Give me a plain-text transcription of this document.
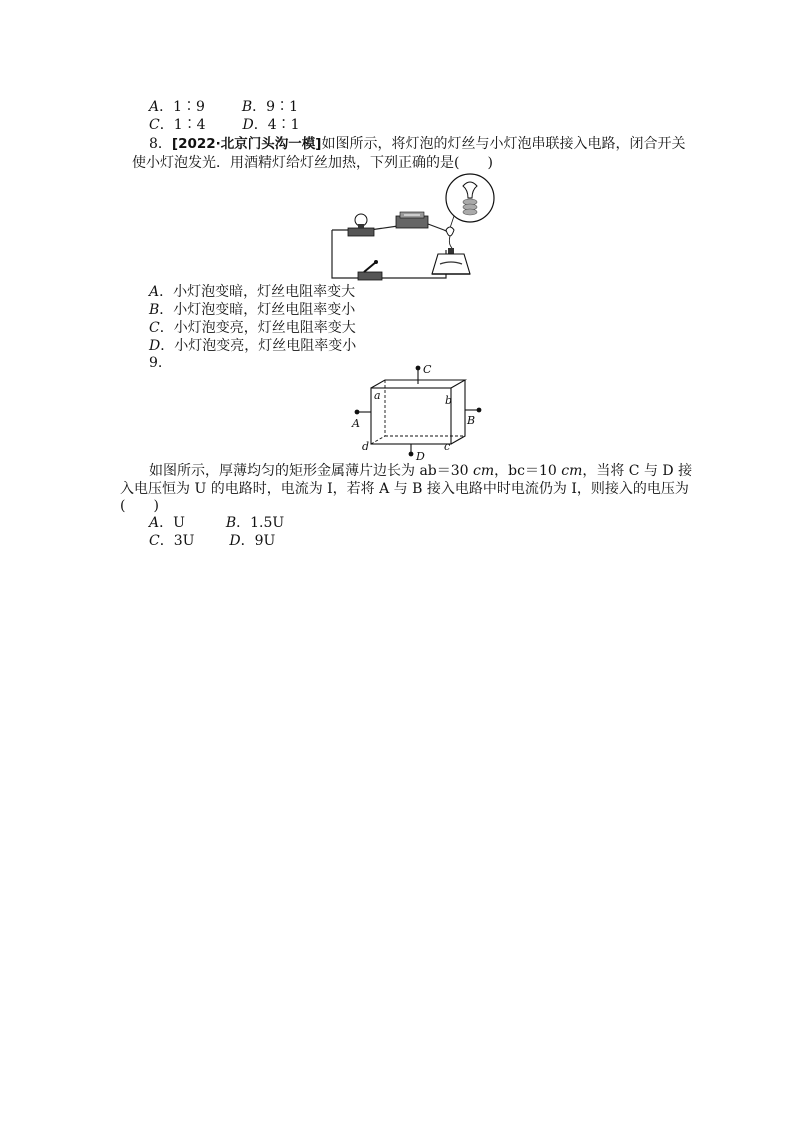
A．1∶9	B．9∶1
C．1∶4	D．4∶1
8．[2022·北京门头沟一模]如图所示，将灯泡的灯丝与小灯泡串联接入电路，闭合开关
使小灯泡发光．用酒精灯给灯丝加热，下列正确的是(　　)
A．小灯泡变暗，灯丝电阻率变大
B．小灯泡变暗，灯丝电阻率变小
C．小灯泡变亮，灯丝电阻率变大
D．小灯泡变亮，灯丝电阻率变小
9.	C
D
A	B
a	b
c
d
如图所示，厚薄均匀的矩形金属薄片边长为 ab＝30 cm，bc＝10 cm，当将 C 与 D 接
入电压恒为 U 的电路时，电流为 I，若将 A 与 B 接入电路中时电流仍为 I，则接入的电压为
(　　)
A．U	B．1.5U
C．3U D．9U
